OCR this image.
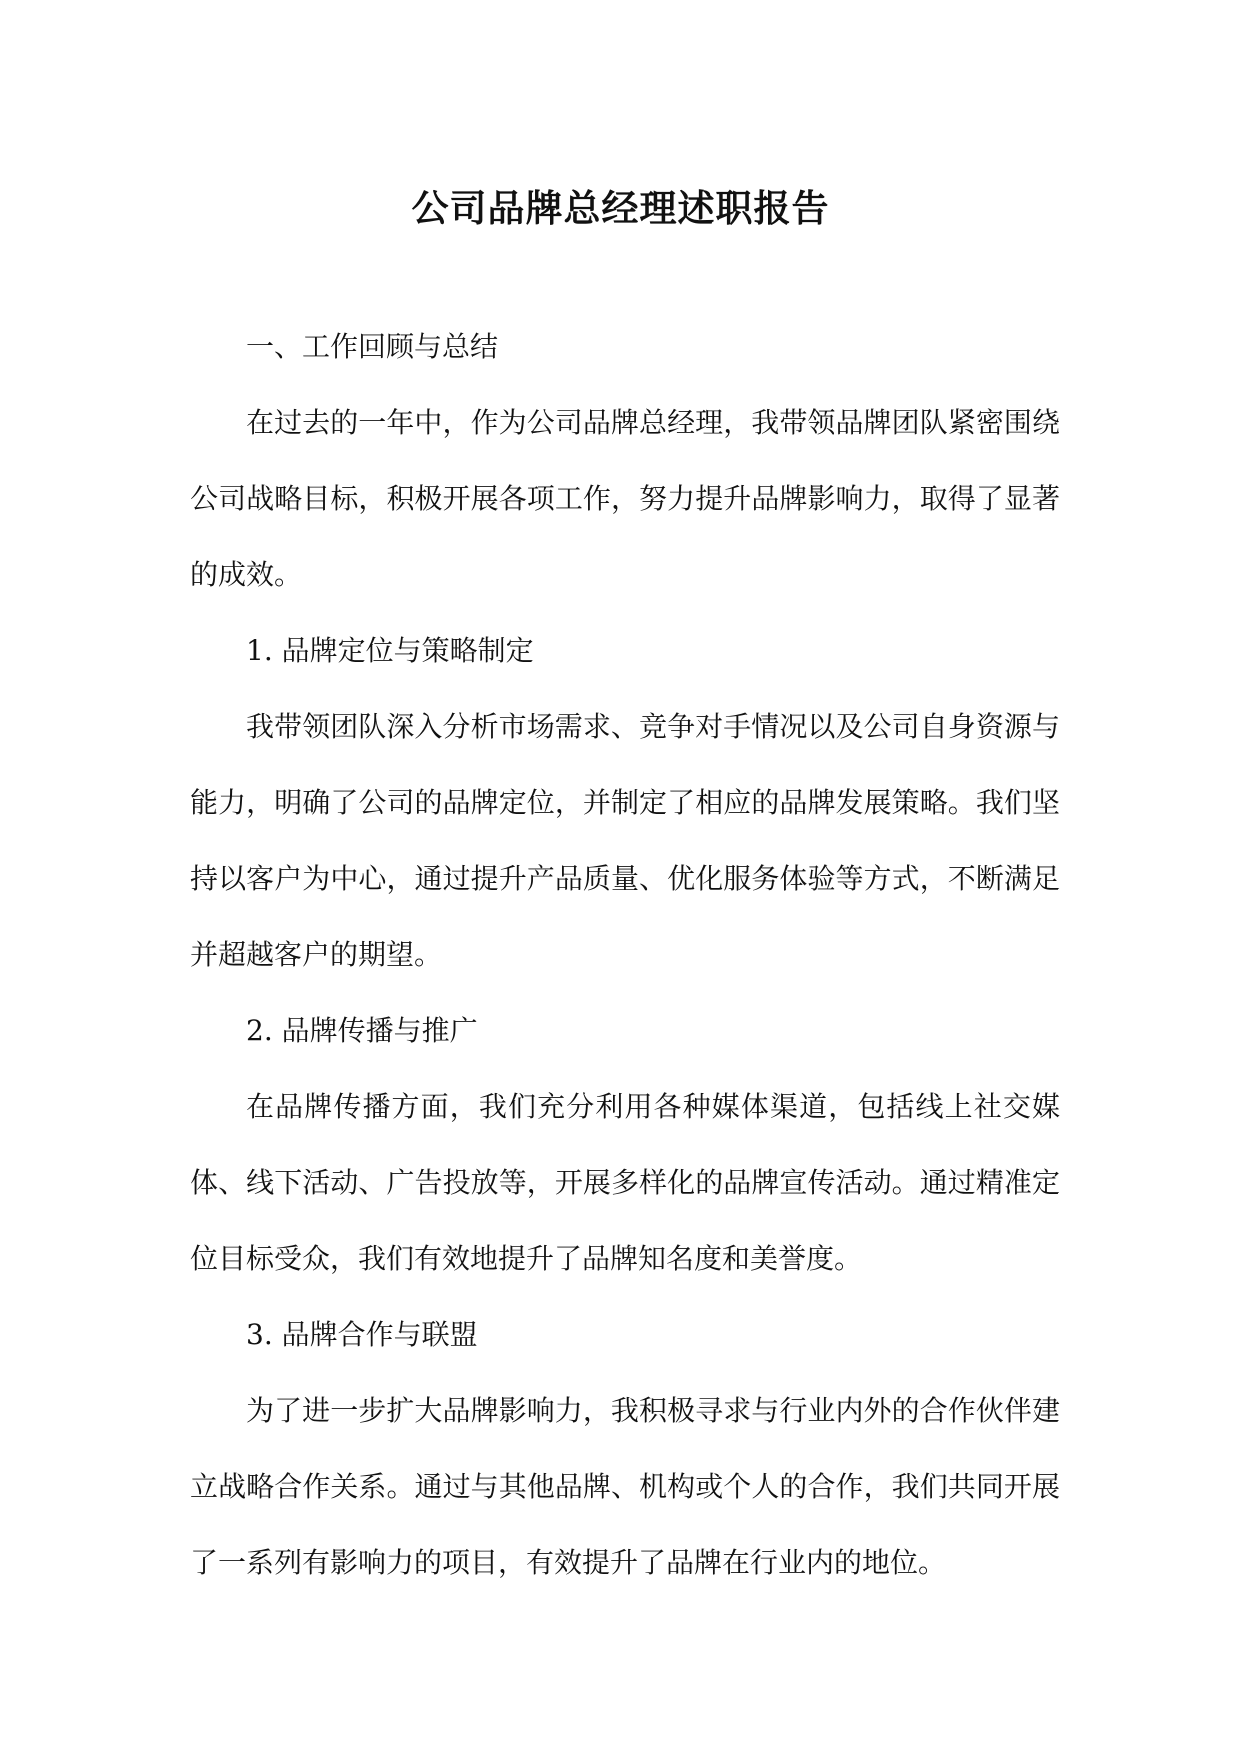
公司品牌总经理述职报告

一、工作回顾与总结

在过去的一年中，作为公司品牌总经理，我带领品牌团队紧密围绕公司战略目标，积极开展各项工作，努力提升品牌影响力，取得了显著的成效。

1. 品牌定位与策略制定

我带领团队深入分析市场需求、竞争对手情况以及公司自身资源与能力，明确了公司的品牌定位，并制定了相应的品牌发展策略。我们坚持以客户为中心，通过提升产品质量、优化服务体验等方式，不断满足并超越客户的期望。

2. 品牌传播与推广

在品牌传播方面，我们充分利用各种媒体渠道，包括线上社交媒体、线下活动、广告投放等，开展多样化的品牌宣传活动。通过精准定位目标受众，我们有效地提升了品牌知名度和美誉度。

3. 品牌合作与联盟

为了进一步扩大品牌影响力，我积极寻求与行业内外的合作伙伴建立战略合作关系。通过与其他品牌、机构或个人的合作，我们共同开展了一系列有影响力的项目，有效提升了品牌在行业内的地位。
